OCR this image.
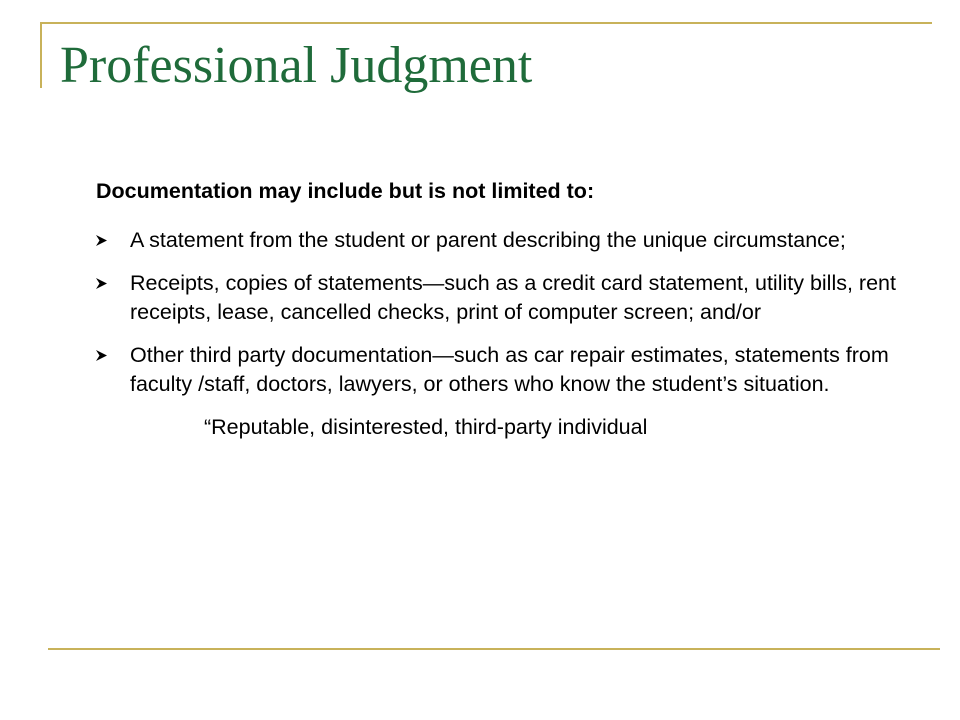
Professional Judgment

Documentation may include but is not limited to:

A statement from the student or parent describing the unique circumstance;
Receipts, copies of statements—such as a credit card statement, utility bills, rent receipts, lease, cancelled checks, print of computer screen; and/or
Other third party documentation—such as car repair estimates, statements from faculty /staff, doctors, lawyers, or others who know the student’s situation.

“Reputable, disinterested, third-party individual
